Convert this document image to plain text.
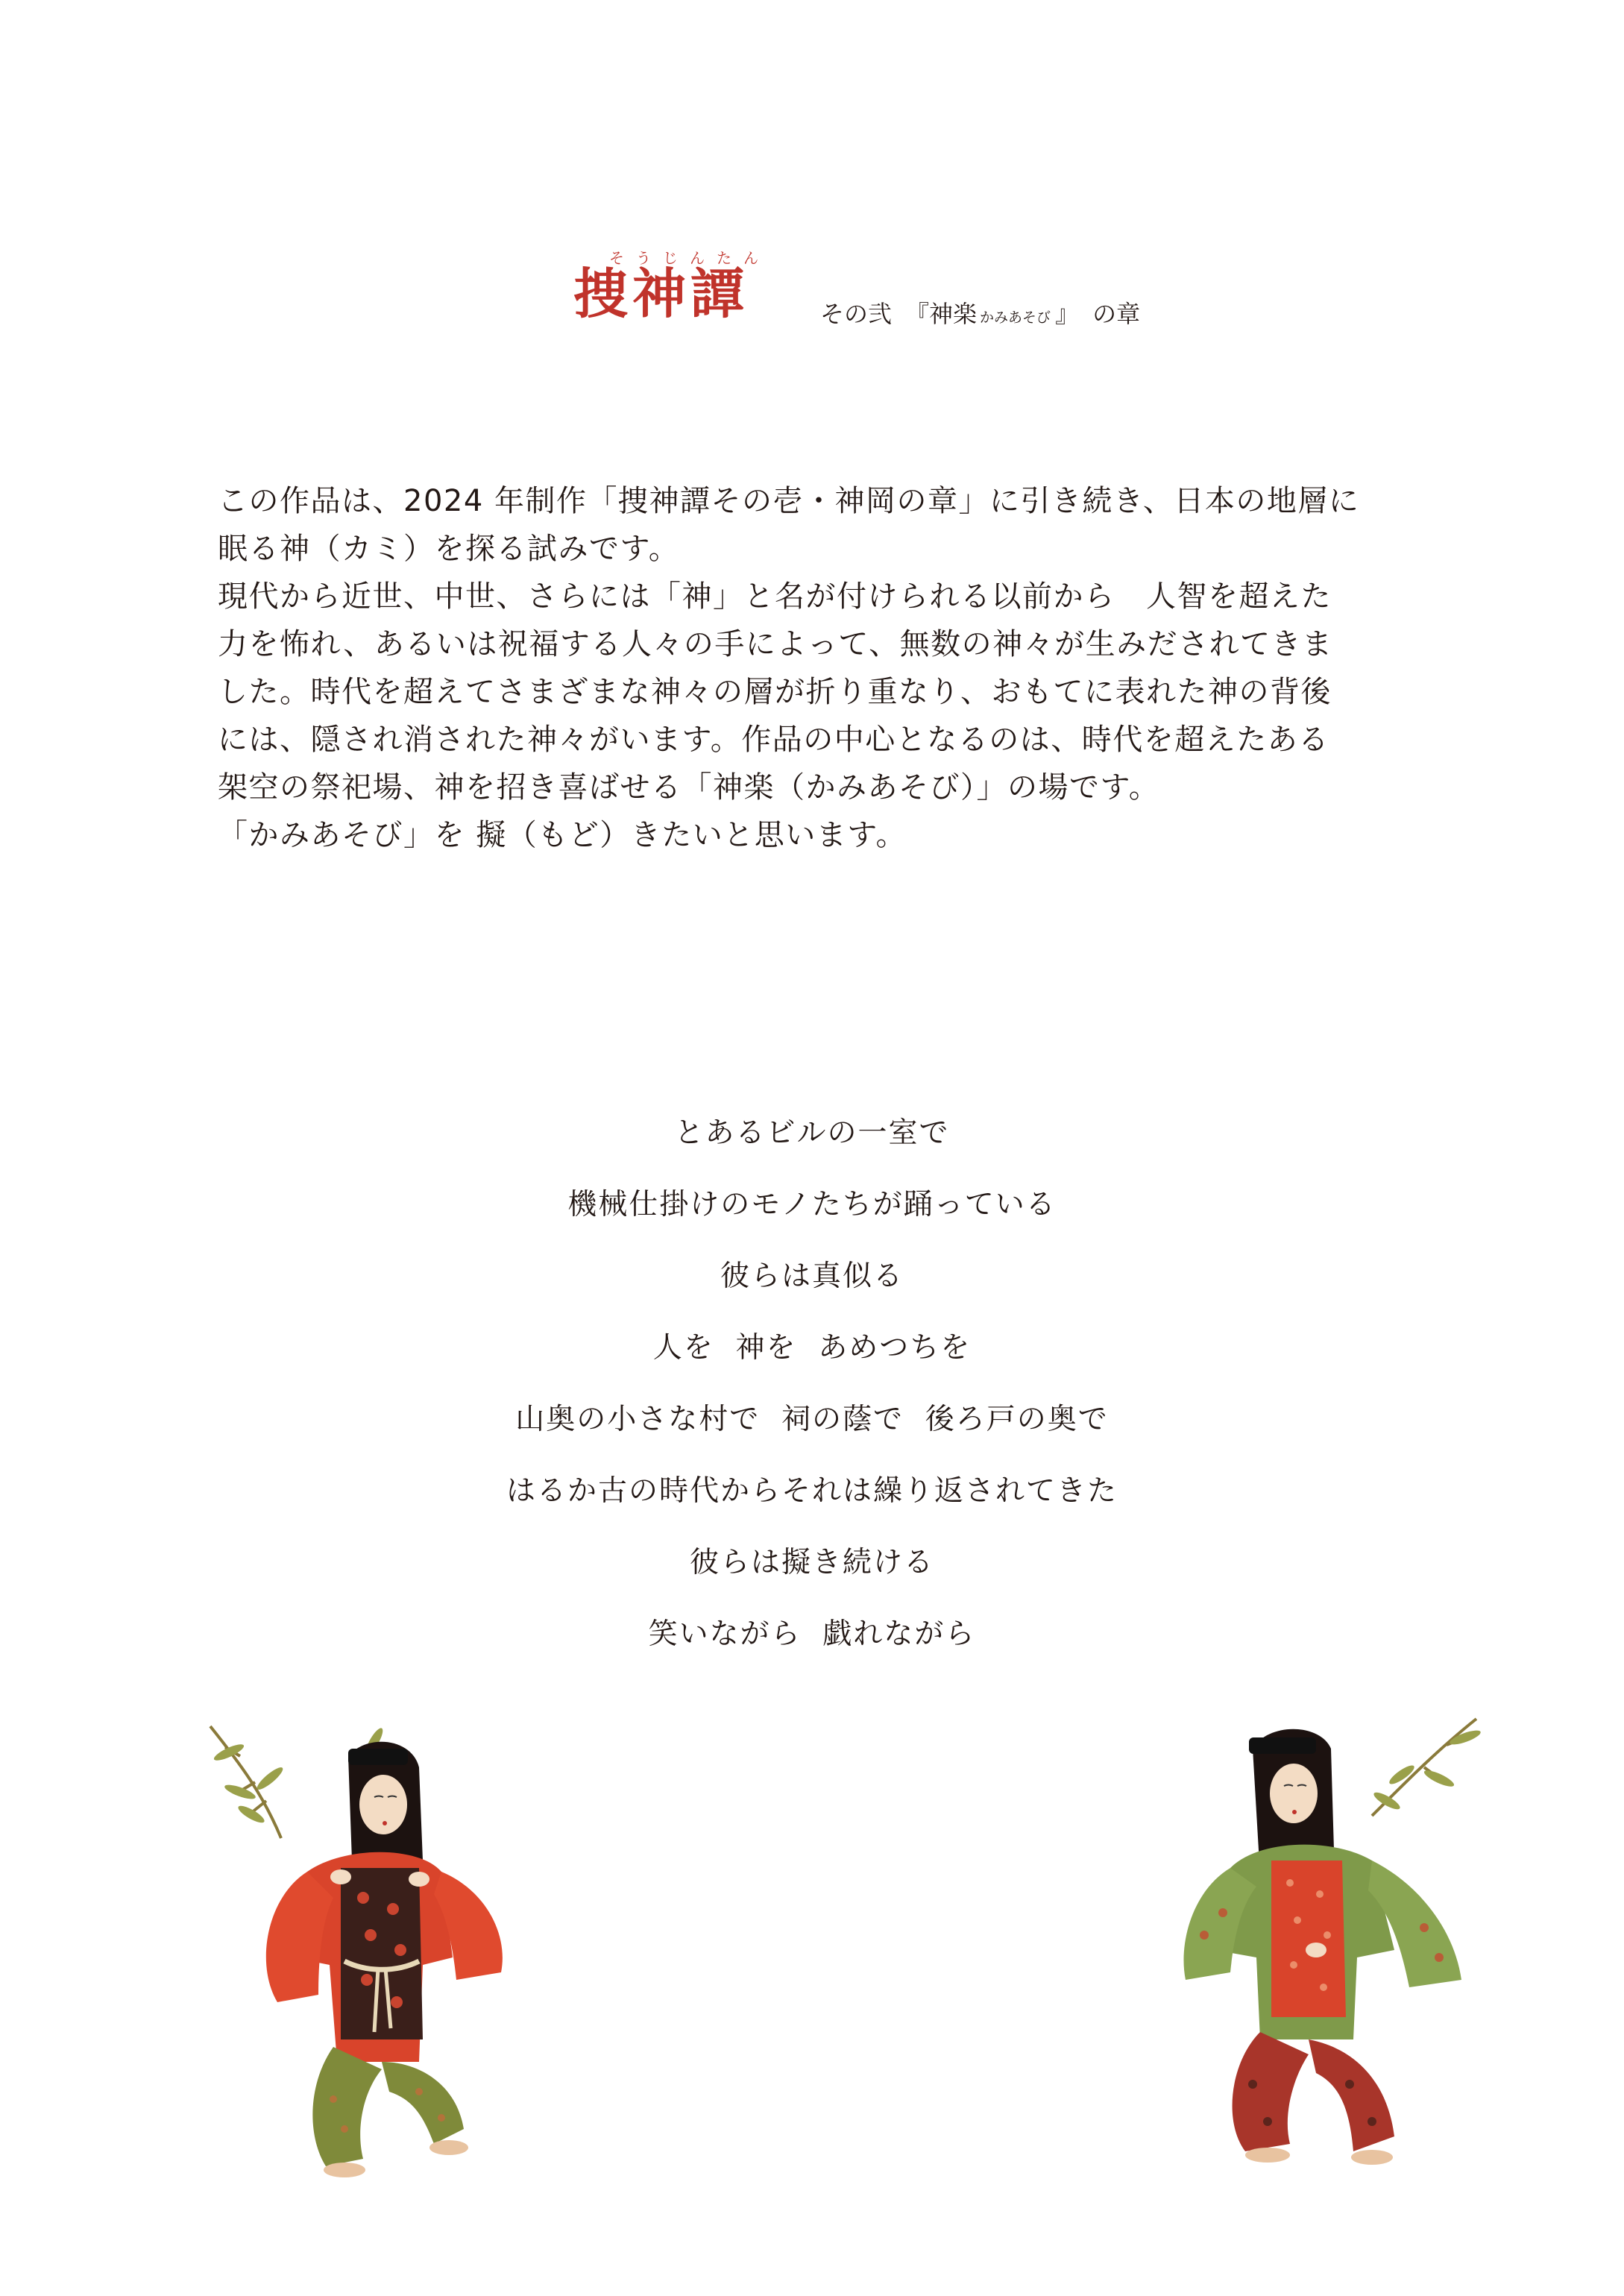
そうじんたん
捜神譚	その弐 『神楽 かみあそび 』 の章

この作品は、2024 年制作「捜神譚その壱・神岡の章」に引き続き、日本の地層に

眠る神（カミ）を探る試みです。

現代から近世、中世、さらには「神」と名が付けられる以前から　人智を超えた

力を怖れ、あるいは祝福する人々の手によって、無数の神々が生みだされてきま

した。時代を超えてさまざまな神々の層が折り重なり、おもてに表れた神の背後

には、隠され消された神々がいます。作品の中心となるのは、時代を超えたある

架空の祭祀場、神を招き喜ばせる「神楽（かみあそび）」の場です。

「かみあそび」を 擬（もど）きたいと思います。

とあるビルの一室で

機械仕掛けのモノたちが踊っている

彼らは真似る

人を  神を  あめつちを

山奥の小さな村で  祠の蔭で  後ろ戸の奥で

はるか古の時代からそれは繰り返されてきた

彼らは擬き続ける

笑いながら  戯れながら
